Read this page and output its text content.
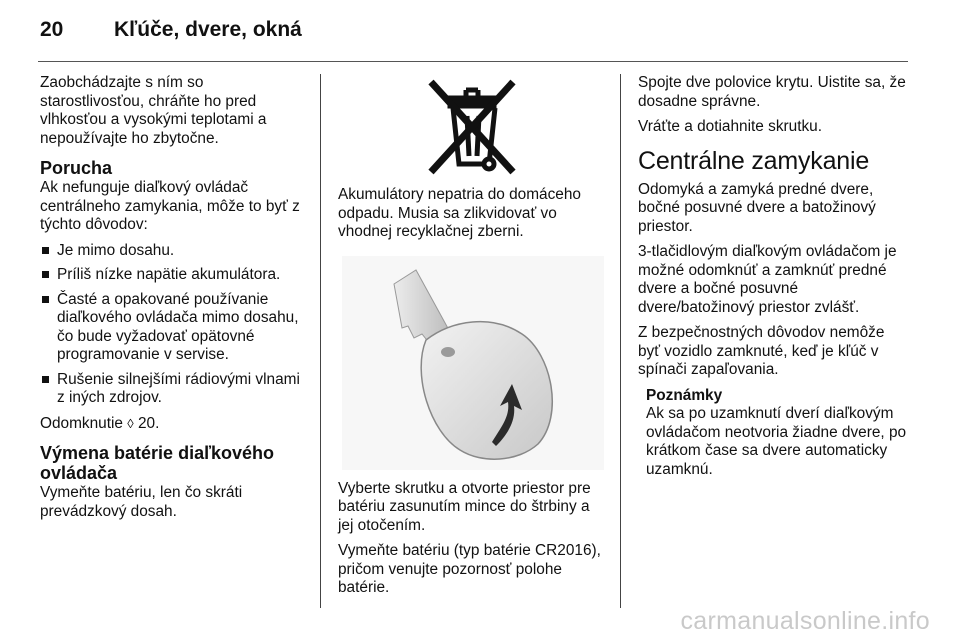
20 Kľúče, dvere, okná

Zaobchádzajte s ním so starostlivosťou, chráňte ho pred vlhkosťou a vysokými teplotami a nepoužívajte ho zbytočne.

Porucha

Ak nefunguje diaľkový ovládač centrálneho zamykania, môže to byť z týchto dôvodov:

Je mimo dosahu.
Príliš nízke napätie akumulátora.
Časté a opakované používanie diaľkového ovládača mimo dosahu, čo bude vyžadovať opätovné programovanie v servise.
Rušenie silnejšími rádiovými vlnami z iných zdrojov.

Odomknutie ◊ 20.

Výmena batérie diaľkového ovládača

Vymeňte batériu, len čo skráti prevádzkový dosah.

Akumulátory nepatria do domáceho odpadu. Musia sa zlikvidovať vo vhodnej recyklačnej zberni.

Vyberte skrutku a otvorte priestor pre batériu zasunutím mince do štrbiny a jej otočením.

Vymeňte batériu (typ batérie CR2016), pričom venujte pozornosť polohe batérie.

Spojte dve polovice krytu. Uistite sa, že dosadne správne.

Vráťte a dotiahnite skrutku.

Centrálne zamykanie

Odomyká a zamyká predné dvere, bočné posuvné dvere a batožinový priestor.

3-tlačidlovým diaľkovým ovládačom je možné odomknúť a zamknúť predné dvere a bočné posuvné dvere/batožinový priestor zvlášť.

Z bezpečnostných dôvodov nemôže byť vozidlo zamknuté, keď je kľúč v spínači zapaľovania.

Poznámky
Ak sa po uzamknutí dverí diaľkovým ovládačom neotvoria žiadne dvere, po krátkom čase sa dvere automaticky uzamknú.
carmanualsonline.info
